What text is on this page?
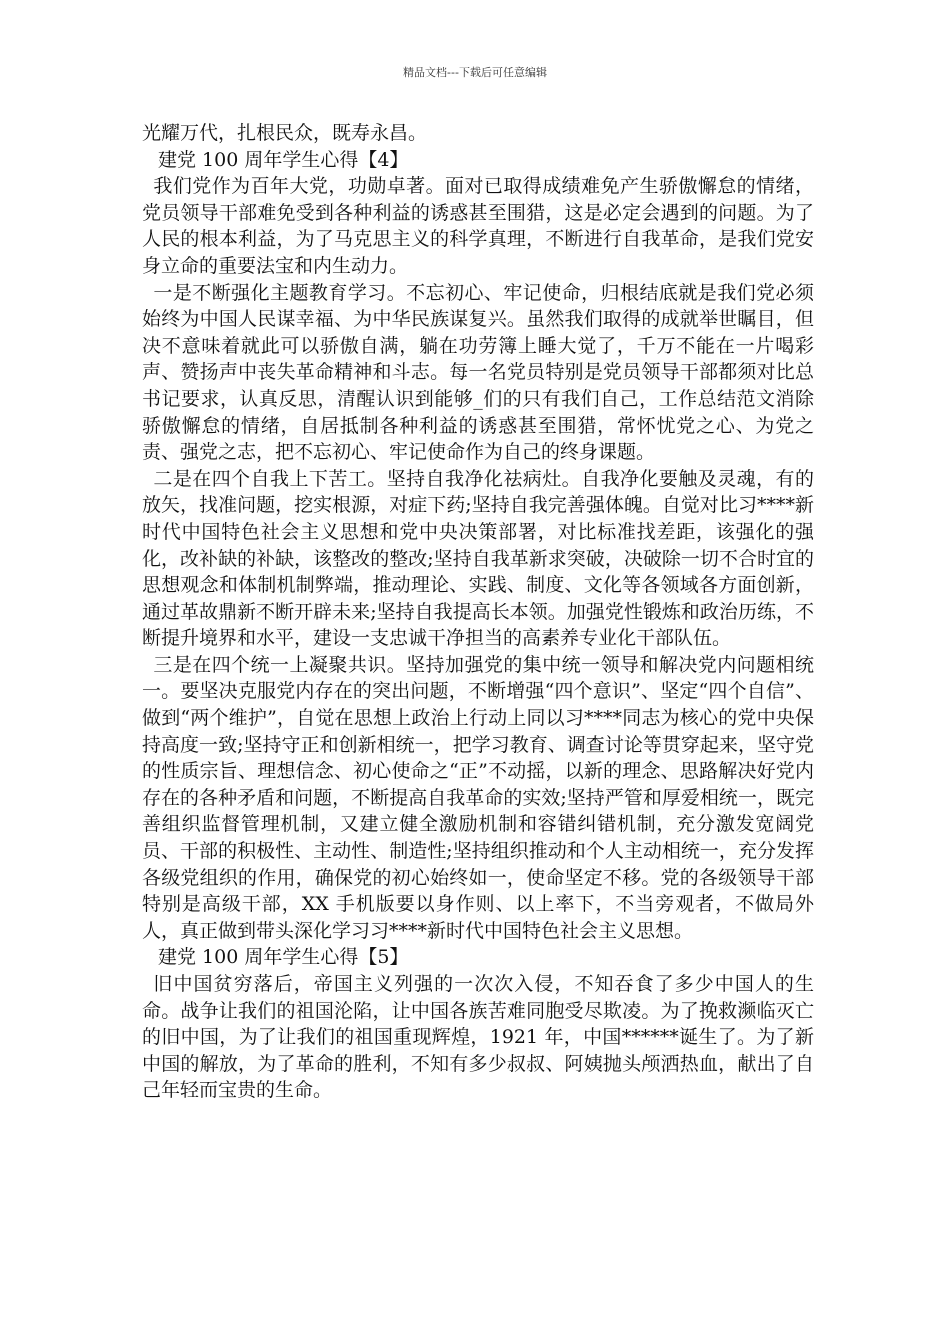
精品文档---下载后可任意编辑

光耀万代，扎根民众，既寿永昌。

建党 100 周年学生心得【4】

我们党作为百年大党，功勋卓著。面对已取得成绩难免产生骄傲懈怠的情绪，党员领导干部难免受到各种利益的诱惑甚至围猎，这是必定会遇到的问题。为了人民的根本利益，为了马克思主义的科学真理，不断进行自我革命，是我们党安身立命的重要法宝和内生动力。

一是不断强化主题教育学习。不忘初心、牢记使命，归根结底就是我们党必须始终为中国人民谋幸福、为中华民族谋复兴。虽然我们取得的成就举世瞩目，但决不意味着就此可以骄傲自满，躺在功劳簿上睡大觉了，千万不能在一片喝彩声、赞扬声中丧失革命精神和斗志。每一名党员特别是党员领导干部都须对比总书记要求，认真反思，清醒认识到能够_们的只有我们自己，工作总结范文消除骄傲懈怠的情绪，自居抵制各种利益的诱惑甚至围猎，常怀忧党之心、为党之责、强党之志，把不忘初心、牢记使命作为自己的终身课题。

二是在四个自我上下苦工。坚持自我净化祛病灶。自我净化要触及灵魂，有的放矢，找准问题，挖实根源，对症下药;坚持自我完善强体魄。自觉对比习****新时代中国特色社会主义思想和党中央决策部署，对比标准找差距，该强化的强化，改补缺的补缺，该整改的整改;坚持自我革新求突破，决破除一切不合时宜的思想观念和体制机制弊端，推动理论、实践、制度、文化等各领域各方面创新，通过革故鼎新不断开辟未来;坚持自我提高长本领。加强党性锻炼和政治历练，不断提升境界和水平，建设一支忠诚干净担当的高素养专业化干部队伍。

三是在四个统一上凝聚共识。坚持加强党的集中统一领导和解决党内问题相统一。要坚决克服党内存在的突出问题，不断增强“四个意识”、坚定“四个自信”、做到“两个维护”，自觉在思想上政治上行动上同以习****同志为核心的党中央保持高度一致;坚持守正和创新相统一，把学习教育、调查讨论等贯穿起来，坚守党的性质宗旨、理想信念、初心使命之“正”不动摇，以新的理念、思路解决好党内存在的各种矛盾和问题，不断提高自我革命的实效;坚持严管和厚爱相统一，既完善组织监督管理机制，又建立健全激励机制和容错纠错机制，充分激发宽阔党员、干部的积极性、主动性、制造性;坚持组织推动和个人主动相统一，充分发挥各级党组织的作用，确保党的初心始终如一，使命坚定不移。党的各级领导干部特别是高级干部，XX 手机版要以身作则、以上率下，不当旁观者，不做局外人，真正做到带头深化学习习****新时代中国特色社会主义思想。

建党 100 周年学生心得【5】

旧中国贫穷落后，帝国主义列强的一次次入侵，不知吞食了多少中国人的生命。战争让我们的祖国沦陷，让中国各族苦难同胞受尽欺凌。为了挽救濒临灭亡的旧中国，为了让我们的祖国重现辉煌，1921 年，中国******诞生了。为了新中国的解放，为了革命的胜利，不知有多少叔叔、阿姨抛头颅洒热血，献出了自己年轻而宝贵的生命。
